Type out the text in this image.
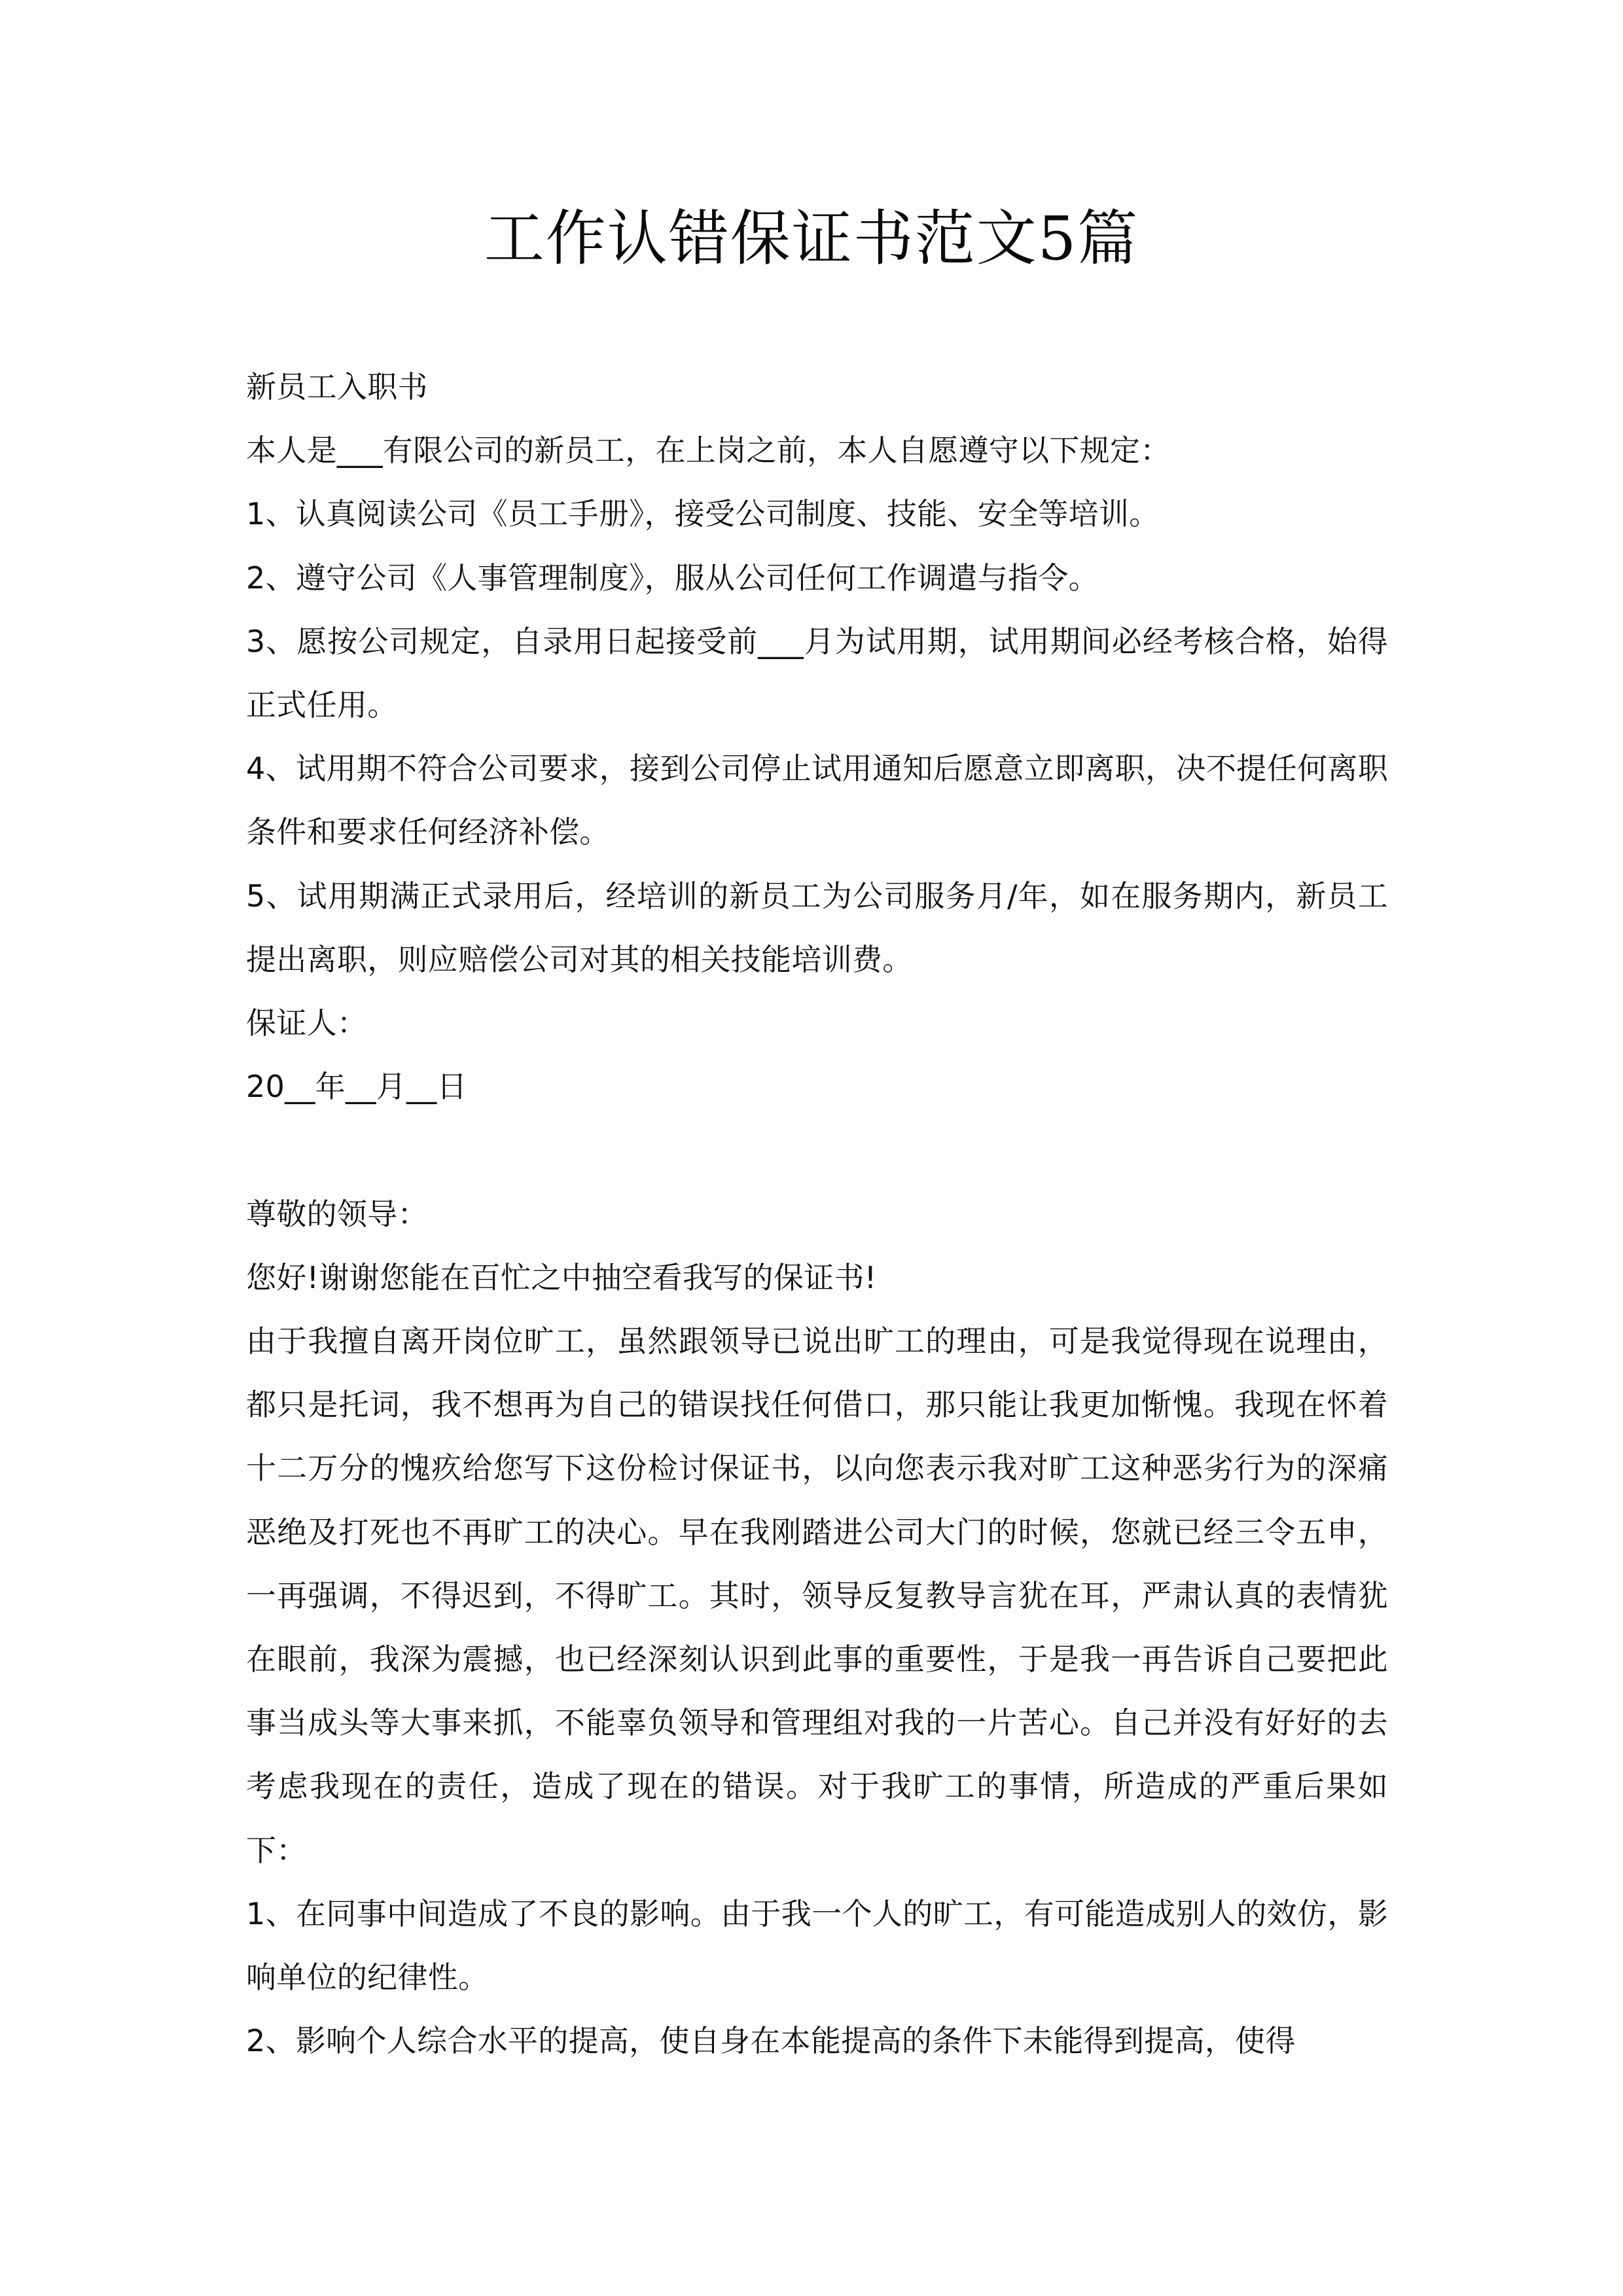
工作认错保证书范文5篇

新员工入职书

本人是___有限公司的新员工，在上岗之前，本人自愿遵守以下规定：

1、认真阅读公司《员工手册》，接受公司制度、技能、安全等培训。

2、遵守公司《人事管理制度》，服从公司任何工作调遣与指令。

3、愿按公司规定，自录用日起接受前___月为试用期，试用期间必经考核合格，始得正式任用。

4、试用期不符合公司要求，接到公司停止试用通知后愿意立即离职，决不提任何离职条件和要求任何经济补偿。

5、试用期满正式录用后，经培训的新员工为公司服务月/年，如在服务期内，新员工提出离职，则应赔偿公司对其的相关技能培训费。

保证人：

20__年__月__日

尊敬的领导：

您好!谢谢您能在百忙之中抽空看我写的保证书!

由于我擅自离开岗位旷工，虽然跟领导已说出旷工的理由，可是我觉得现在说理由，都只是托词，我不想再为自己的错误找任何借口，那只能让我更加惭愧。我现在怀着十二万分的愧疚给您写下这份检讨保证书，以向您表示我对旷工这种恶劣行为的深痛恶绝及打死也不再旷工的决心。早在我刚踏进公司大门的时候，您就已经三令五申，一再强调，不得迟到，不得旷工。其时，领导反复教导言犹在耳，严肃认真的表情犹在眼前，我深为震撼，也已经深刻认识到此事的重要性，于是我一再告诉自己要把此事当成头等大事来抓，不能辜负领导和管理组对我的一片苦心。自己并没有好好的去考虑我现在的责任，造成了现在的错误。对于我旷工的事情，所造成的严重后果如下：

1、在同事中间造成了不良的影响。由于我一个人的旷工，有可能造成别人的效仿，影响单位的纪律性。

2、影响个人综合水平的提高，使自身在本能提高的条件下未能得到提高，使得
